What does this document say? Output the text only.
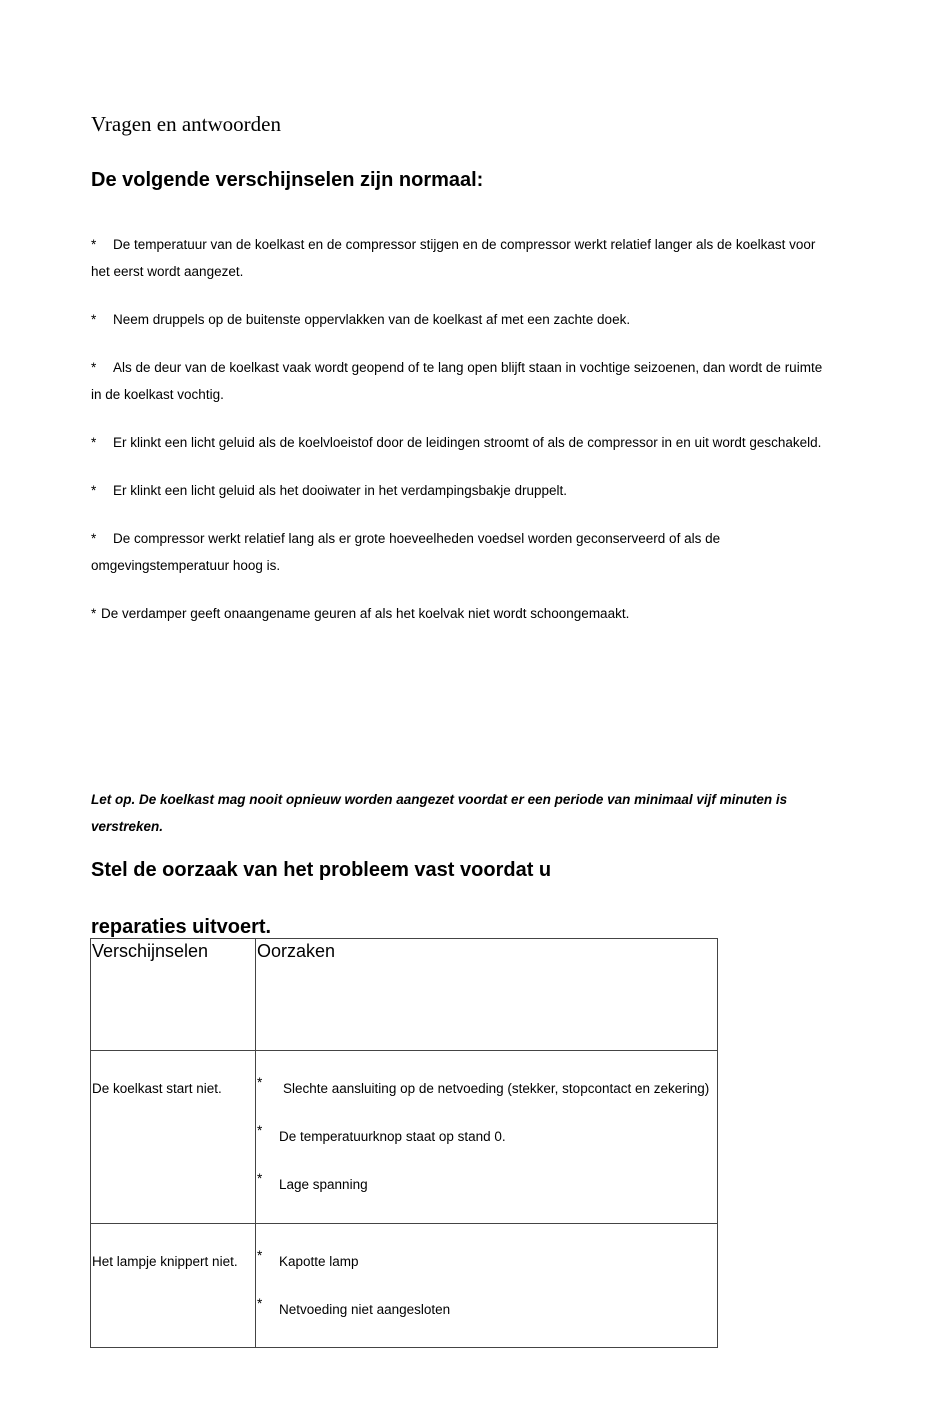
Vragen en antwoorden
De volgende verschijnselen zijn normaal:
* De temperatuur van de koelkast en de compressor stijgen en de compressor werkt relatief langer als de koelkast voor het eerst wordt aangezet.
* Neem druppels op de buitenste oppervlakken van de koelkast af met een zachte doek.
* Als de deur van de koelkast vaak wordt geopend of te lang open blijft staan in vochtige seizoenen, dan wordt de ruimte in de koelkast vochtig.
* Er klinkt een licht geluid als de koelvloeistof door de leidingen stroomt of als de compressor in en uit wordt geschakeld.
* Er klinkt een licht geluid als het dooiwater in het verdampingsbakje druppelt.
* De compressor werkt relatief lang als er grote hoeveelheden voedsel worden geconserveerd of als de omgevingstemperatuur hoog is.
* De verdamper geeft onaangename geuren af als het koelvak niet wordt schoongemaakt.

Let op. De koelkast mag nooit opnieuw worden aangezet voordat er een periode van minimaal vijf minuten is verstreken.

Stel de oorzaak van het probleem vast voordat u
reparaties uitvoert.
Verschijnselen	Oorzaken
De koelkast start niet.	* Slechte aansluiting op de netvoeding (stekker, stopcontact en zekering)
* De temperatuurknop staat op stand 0.
* Lage spanning

Het lampje knippert niet.	* Kapotte lamp
* Netvoeding niet aangesloten
